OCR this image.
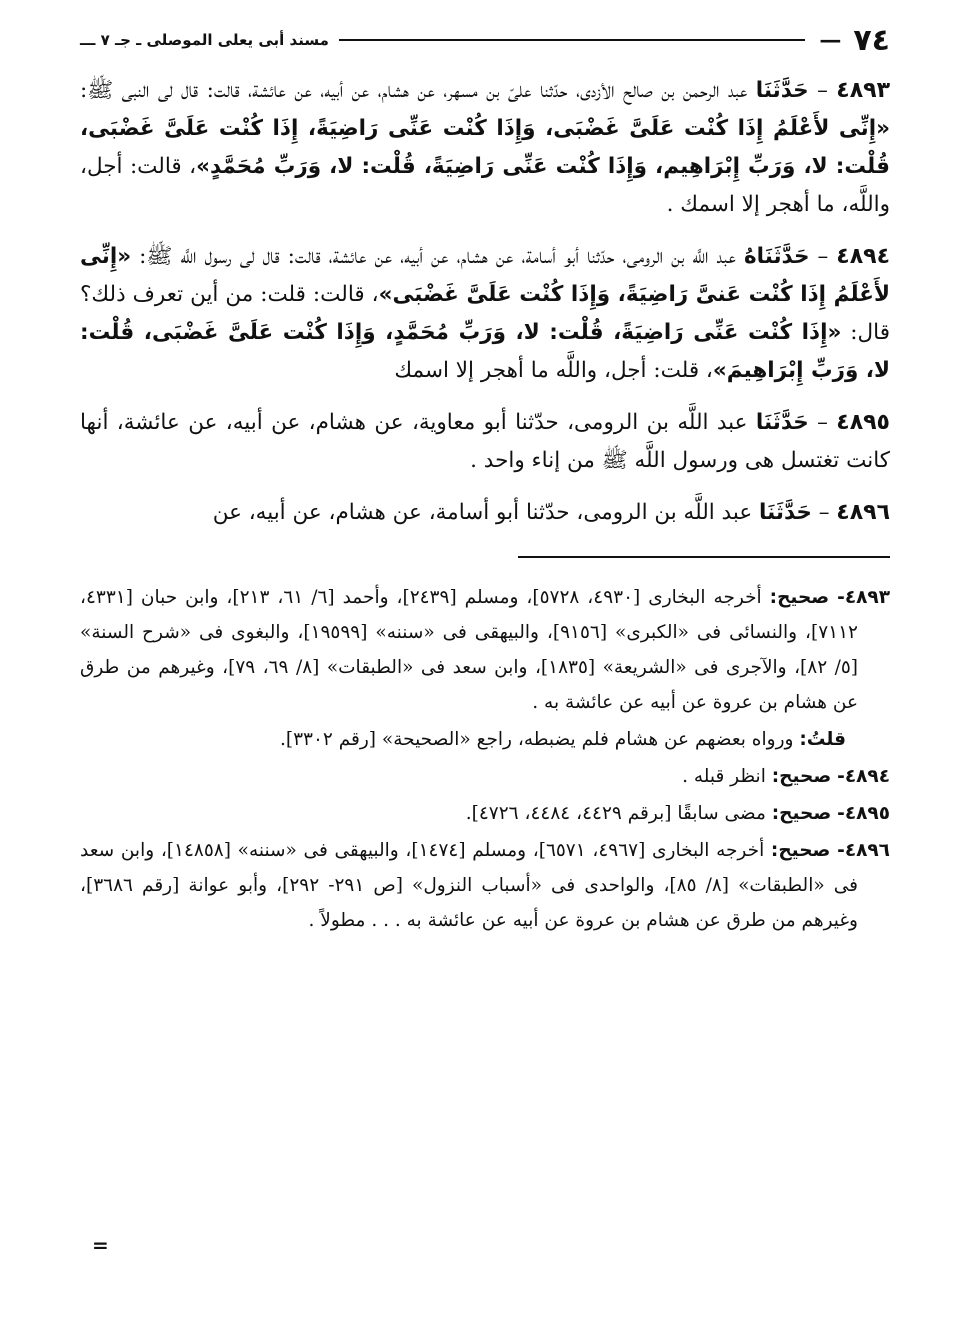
٧٤
—
مسند أبى يعلى الموصلى ـ جـ ٧ ـــ

٤٨٩٣ – حَدَّثَنَا عبد الرحمن بن صالح الأزدى، حدّثنا علىّ بن مسهر، عن هشام، عن أبيه، عن عائشة، قالت: قال لى النبى ﷺ: «إِنِّى لأَعْلَمُ إِذَا كُنْت عَلَىَّ غَضْبَى، وَإِذَا كُنْت عَنِّى رَاضِيَةً، إِذَا كُنْت عَلَىَّ غَضْبَى، قُلْت: لا، وَرَبِّ إِبْرَاهِيم، وَإِذَا كُنْت عَنِّى رَاضِيَةً، قُلْت: لا، وَرَبِّ مُحَمَّدٍ»، قالت: أجل، واللَّه، ما أهجر إلا اسمك .

٤٨٩٤ – حَدَّثَنَاهُ عبد اللَّه بن الرومى، حدّثنا أبو أسامة، عن هشام، عن أبيه، عن عائشة، قالت: قال لى رسول اللَّه ﷺ: «إِنِّى لأَعْلَمُ إِذَا كُنْت عَنىَّ رَاضِيَةً، وَإِذَا كُنْت عَلَىَّ غَضْبَى»، قالت: قلت: من أين تعرف ذلك؟ قال: «إِذَا كُنْت عَنِّى رَاضِيَةً، قُلْت: لا، وَرَبِّ مُحَمَّدٍ، وَإِذَا كُنْت عَلَىَّ غَضْبَى، قُلْت: لا، وَرَبِّ إِبْرَاهِيمَ»، قلت: أجل، واللَّه ما أهجر إلا اسمك

٤٨٩٥ – حَدَّثَنَا عبد اللَّه بن الرومى، حدّثنا أبو معاوية، عن هشام، عن أبيه، عن عائشة، أنها كانت تغتسل هى ورسول اللَّه ﷺ من إناء واحد .

٤٨٩٦ – حَدَّثَنَا عبد اللَّه بن الرومى، حدّثنا أبو أسامة، عن هشام، عن أبيه، عن

٤٨٩٣- صحيح: أخرجه البخارى [٤٩٣٠، ٥٧٢٨]، ومسلم [٢٤٣٩]، وأحمد [٦/ ٦١، ٢١٣]، وابن حبان [٤٣٣١، ٧١١٢]، والنسائى فى «الكبرى» [٩١٥٦]، والبيهقى فى «سننه» [١٩٥٩٩]، والبغوى فى «شرح السنة» [٥/ ٨٢]، والآجرى فى «الشريعة» [١٨٣٥]، وابن سعد فى «الطبقات» [٨/ ٦٩، ٧٩]، وغيرهم من طرق عن هشام بن عروة عن أبيه عن عائشة به .

قلتُ: ورواه بعضهم عن هشام فلم يضبطه، راجع «الصحيحة» [رقم ٣٣٠٢].

٤٨٩٤- صحيح: انظر قبله .

٤٨٩٥- صحيح: مضى سابقًا [برقم ٤٤٢٩، ٤٤٨٤، ٤٧٢٦].

٤٨٩٦- صحيح: أخرجه البخارى [٤٩٦٧، ٦٥٧١]، ومسلم [١٤٧٤]، والبيهقى فى «سننه» [١٤٨٥٨]، وابن سعد فى «الطبقات» [٨/ ٨٥]، والواحدى فى «أسباب النزول» [ص ٢٩١- ٢٩٢]، وأبو عوانة [رقم ٣٦٨٦]، وغيرهم من طرق عن هشام بن عروة عن أبيه عن عائشة به . . . مطولاً .

=
